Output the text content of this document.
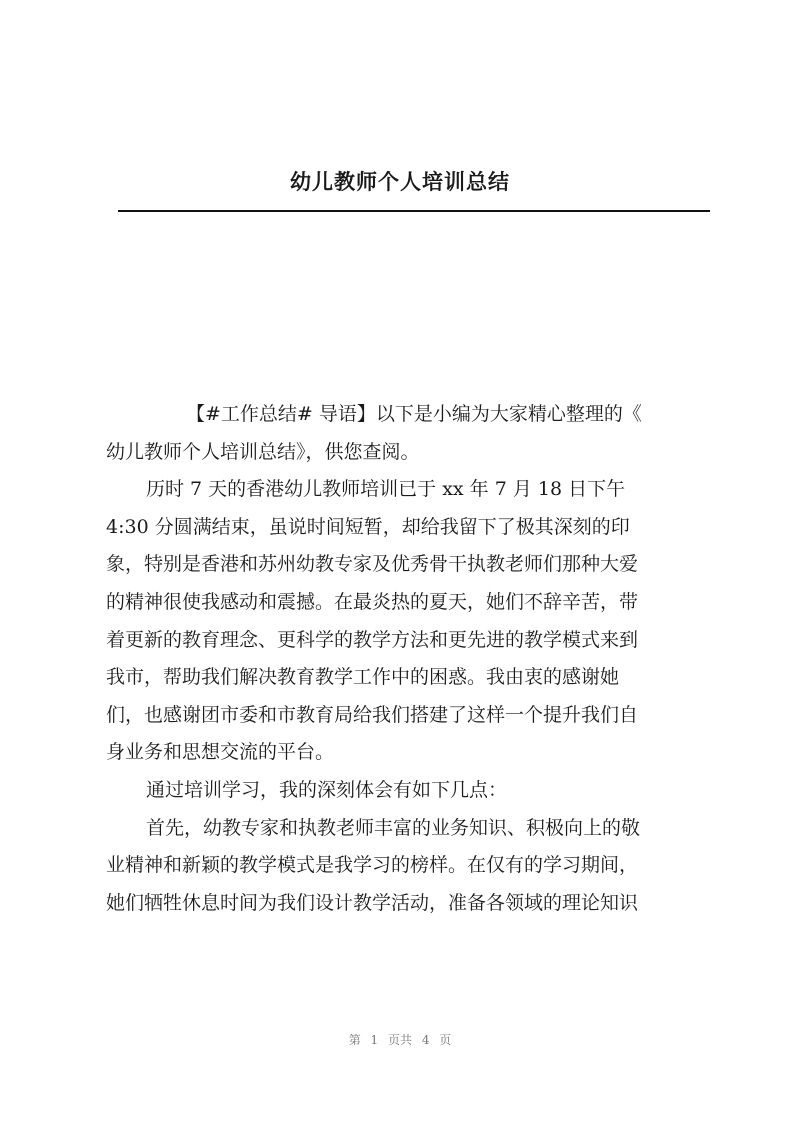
幼儿教师个人培训总结
【#工作总结# 导语】以下是小编为大家精心整理的《
幼儿教师个人培训总结》，供您查阅。
历时 7 天的香港幼儿教师培训已于 xx 年 7 月 18 日下午
4:30 分圆满结束，虽说时间短暂，却给我留下了极其深刻的印
象，特别是香港和苏州幼教专家及优秀骨干执教老师们那种大爱
的精神很使我感动和震撼。在最炎热的夏天，她们不辞辛苦，带
着更新的教育理念、更科学的教学方法和更先进的教学模式来到
我市，帮助我们解决教育教学工作中的困惑。我由衷的感谢她
们，也感谢团市委和市教育局给我们搭建了这样一个提升我们自
身业务和思想交流的平台。
通过培训学习，我的深刻体会有如下几点：
首先，幼教专家和执教老师丰富的业务知识、积极向上的敬
业精神和新颖的教学模式是我学习的榜样。在仅有的学习期间，
她们牺牲休息时间为我们设计教学活动，准备各领域的理论知识
第 1 页共 4 页
